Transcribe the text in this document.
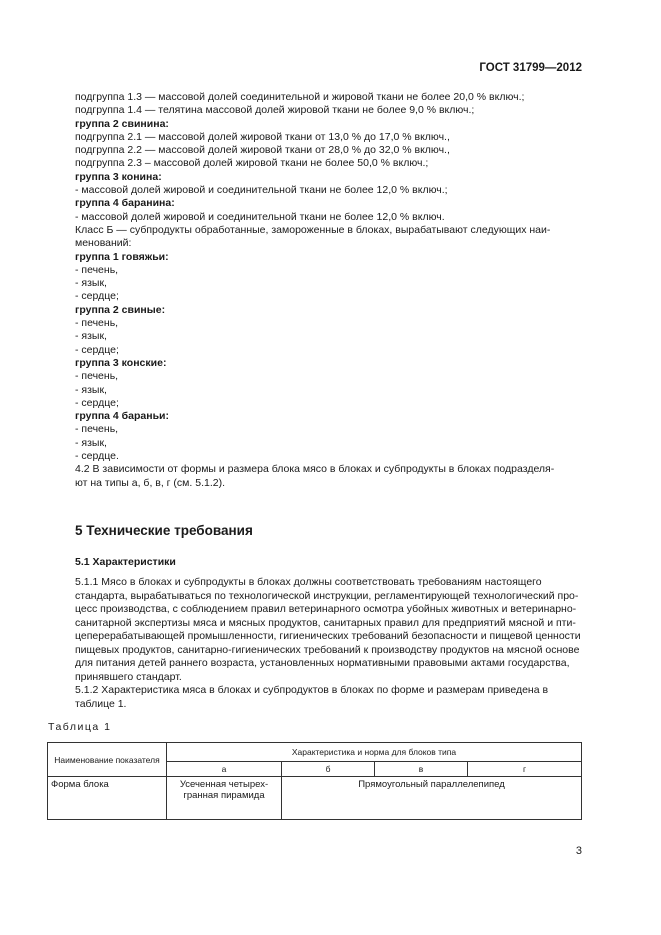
ГОСТ 31799—2012
подгруппа 1.3 — массовой долей соединительной и жировой ткани не более 20,0 % включ.;
подгруппа 1.4 — телятина массовой долей жировой ткани не более 9,0 % включ.;
группа 2 свинина:
подгруппа 2.1 — массовой долей жировой ткани от 13,0 % до 17,0 % включ.,
подгруппа 2.2 — массовой долей жировой ткани от 28,0 % до 32,0 % включ.,
подгруппа 2.3 – массовой долей жировой ткани не более 50,0 % включ.;
группа 3 конина:
- массовой долей жировой и соединительной ткани не более 12,0 % включ.;
группа 4 баранина:
- массовой долей жировой и соединительной ткани не более 12,0 % включ.
Класс Б — субпродукты обработанные, замороженные в блоках, вырабатывают следующих наи-
менований:
группа 1 говяжьи:
- печень,
- язык,
- сердце;
группа 2 свиные:
- печень,
- язык,
- сердце;
группа 3 конские:
- печень,
- язык,
- сердце;
группа 4 бараньи:
- печень,
- язык,
- сердце.
4.2 В зависимости от формы и размера блока мясо в блоках и субпродукты в блоках подразделя-
ют на типы а, б, в, г (см. 5.1.2).
5 Технические требования
5.1 Характеристики
5.1.1 Мясо в блоках и субпродукты в блоках должны соответствовать требованиям настоящего
стандарта, вырабатываться по технологической инструкции, регламентирующей технологический про-
цесс производства, с соблюдением правил ветеринарного осмотра убойных животных и ветеринарно-
санитарной экспертизы мяса и мясных продуктов, санитарных правил для предприятий мясной и пти-
цеперерабатывающей промышленности, гигиенических требований безопасности и пищевой ценности
пищевых продуктов, санитарно-гигиенических требований к производству продуктов на мясной основе
для питания детей раннего возраста, установленных нормативными правовыми актами государства,
принявшего стандарт.
5.1.2 Характеристика мяса в блоках и субпродуктов в блоках по форме и размерам приведена в
таблице 1.
Таблица 1
Наименование показателя	Характеристика и норма для блоков типа			
	а	б	в	г
Форма блока	Усеченная четырех-гранная пирамида	Прямоугольный параллелепипед		
3
